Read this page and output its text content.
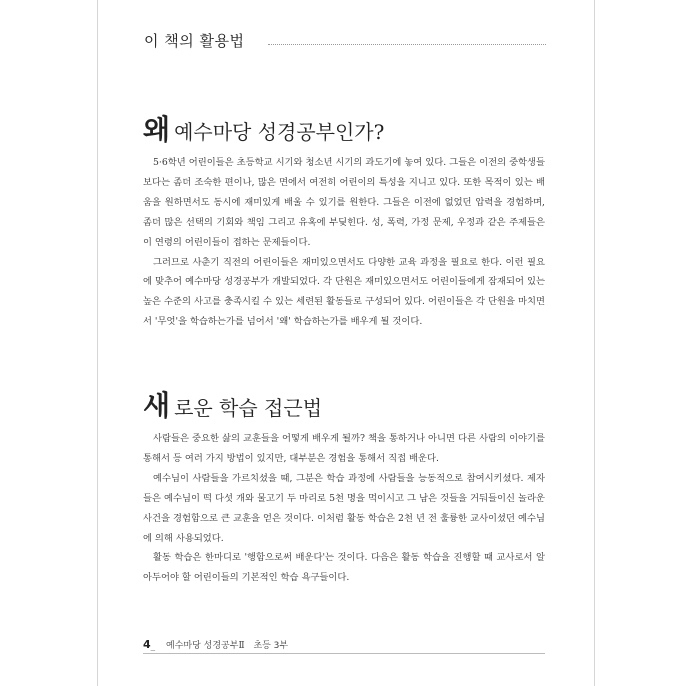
이 책의 활용법
왜 예수마당 성경공부인가?

5·6학년 어린이들은 초등학교 시기와 청소년 시기의 과도기에 놓여 있다. 그들은 이전의 중학생들보다는 좀더 조숙한 편이나, 많은 면에서 여전히 어린이의 특성을 지니고 있다. 또한 목적이 있는 배움을 원하면서도 동시에 재미있게 배울 수 있기를 원한다. 그들은 이전에 없었던 압력을 경험하며, 좀더 많은 선택의 기회와 책임 그리고 유혹에 부딪힌다. 성, 폭력, 가정 문제, 우정과 같은 주제들은 이 연령의 어린이들이 접하는 문제들이다.

그러므로 사춘기 직전의 어린이들은 재미있으면서도 다양한 교육 과정을 필요로 한다. 이런 필요에 맞추어 예수마당 성경공부가 개발되었다. 각 단원은 재미있으면서도 어린이들에게 잠재되어 있는 높은 수준의 사고를 충족시킬 수 있는 세련된 활동들로 구성되어 있다. 어린이들은 각 단원을 마치면서 '무엇'을 학습하는가를 넘어서 '왜' 학습하는가를 배우게 될 것이다.

새 로운 학습 접근법

사람들은 중요한 삶의 교훈들을 어떻게 배우게 될까? 책을 통하거나 아니면 다른 사람의 이야기를 통해서 등 여러 가지 방법이 있지만, 대부분은 경험을 통해서 직접 배운다.

예수님이 사람들을 가르치셨을 때, 그분은 학습 과정에 사람들을 능동적으로 참여시키셨다. 제자들은 예수님이 떡 다섯 개와 물고기 두 마리로 5천 명을 먹이시고 그 남은 것들을 거둬들이신 놀라운 사건을 경험함으로 큰 교훈을 얻은 것이다. 이처럼 활동 학습은 2천 년 전 훌륭한 교사이셨던 예수님에 의해 사용되었다.

활동 학습은 한마디로 '행함으로써 배운다'는 것이다. 다음은 활동 학습을 진행할 때 교사로서 알아두어야 할 어린이들의 기본적인 학습 욕구들이다.

4_ 예수마당 성경공부Ⅱ 초등 3부
